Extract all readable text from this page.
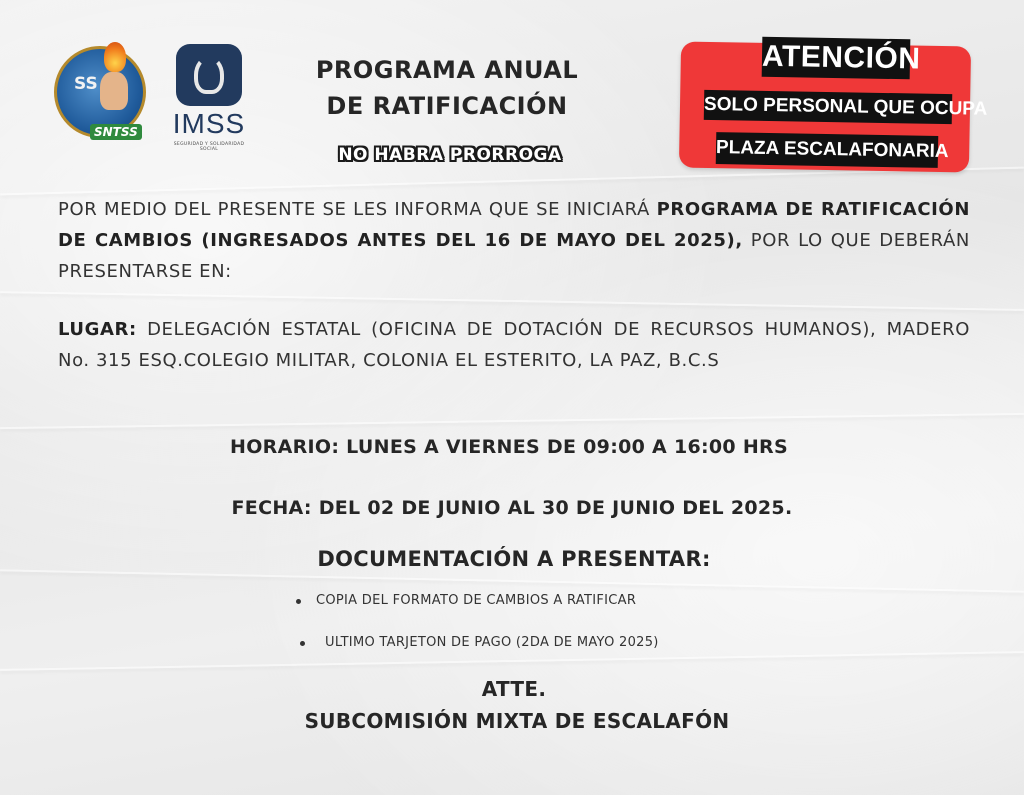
SS
SNTSS IMSS
SEGURIDAD Y SOLIDARIDAD SOCIAL
PROGRAMA ANUAL
DE RATIFICACIÓN
NO HABRA PRORROGA
ATENCIÓN
SOLO PERSONAL QUE OCUPA
PLAZA ESCALAFONARIA
POR MEDIO DEL PRESENTE SE LES INFORMA QUE SE INICIARÁ PROGRAMA DE RATIFICACIÓN DE CAMBIOS (INGRESADOS ANTES DEL 16 DE MAYO DEL 2025), POR LO QUE DEBERÁN PRESENTARSE EN:
LUGAR: DELEGACIÓN ESTATAL (OFICINA DE DOTACIÓN DE RECURSOS HUMANOS), MADERO No. 315 ESQ.COLEGIO MILITAR, COLONIA EL ESTERITO, LA PAZ, B.C.S
HORARIO: LUNES A VIERNES DE 09:00 A 16:00 HRS
FECHA: DEL 02 DE JUNIO AL 30 DE JUNIO DEL 2025.
DOCUMENTACIÓN A PRESENTAR:
COPIA DEL FORMATO DE CAMBIOS A RATIFICAR
ULTIMO TARJETON DE PAGO (2DA DE MAYO 2025)
ATTE.
SUBCOMISIÓN MIXTA DE ESCALAFÓN
